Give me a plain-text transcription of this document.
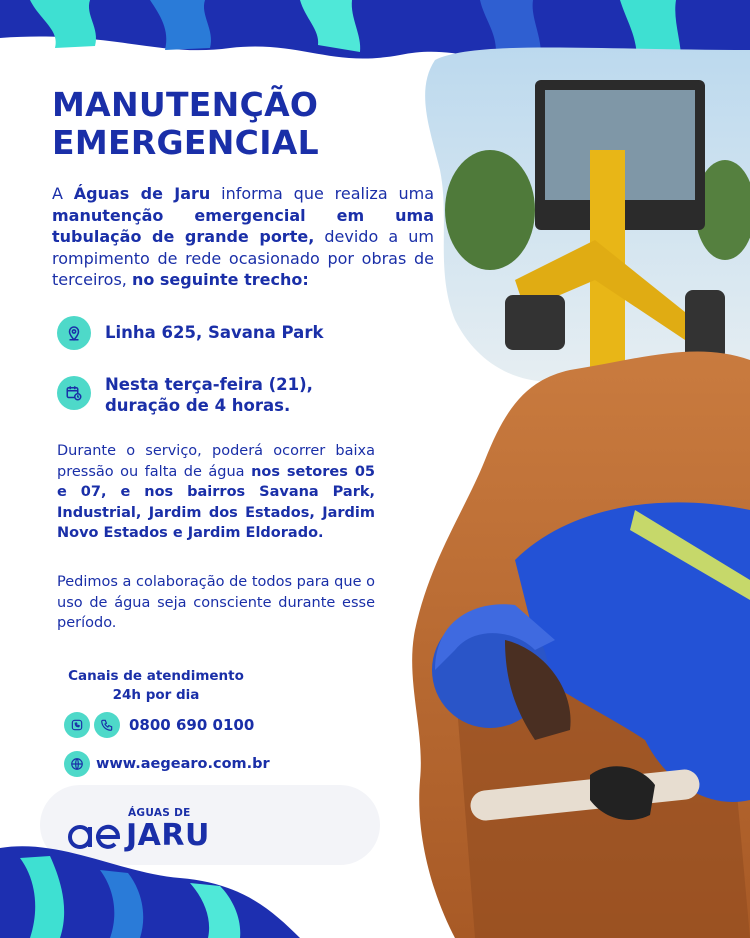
MANUTENÇÃO
EMERGENCIAL

A Águas de Jaru informa que realiza uma manutenção emergencial em uma tubulação de grande porte, devido a um rompimento de rede ocasionado por obras de terceiros, no seguinte trecho:

Linha 625, Savana Park
Nesta terça-feira (21),
duração de 4 horas.

Durante o serviço, poderá ocorrer baixa pressão ou falta de água nos setores 05 e 07, e nos bairros Savana Park, Industrial, Jardim dos Estados, Jardim Novo Estados e Jardim Eldorado.

Pedimos a colaboração de todos para que o uso de água seja consciente durante esse período.

Canais de atendimento
24h por dia
0800 690 0100
www.aegearo.com.br
ÁGUAS DE
JARU
